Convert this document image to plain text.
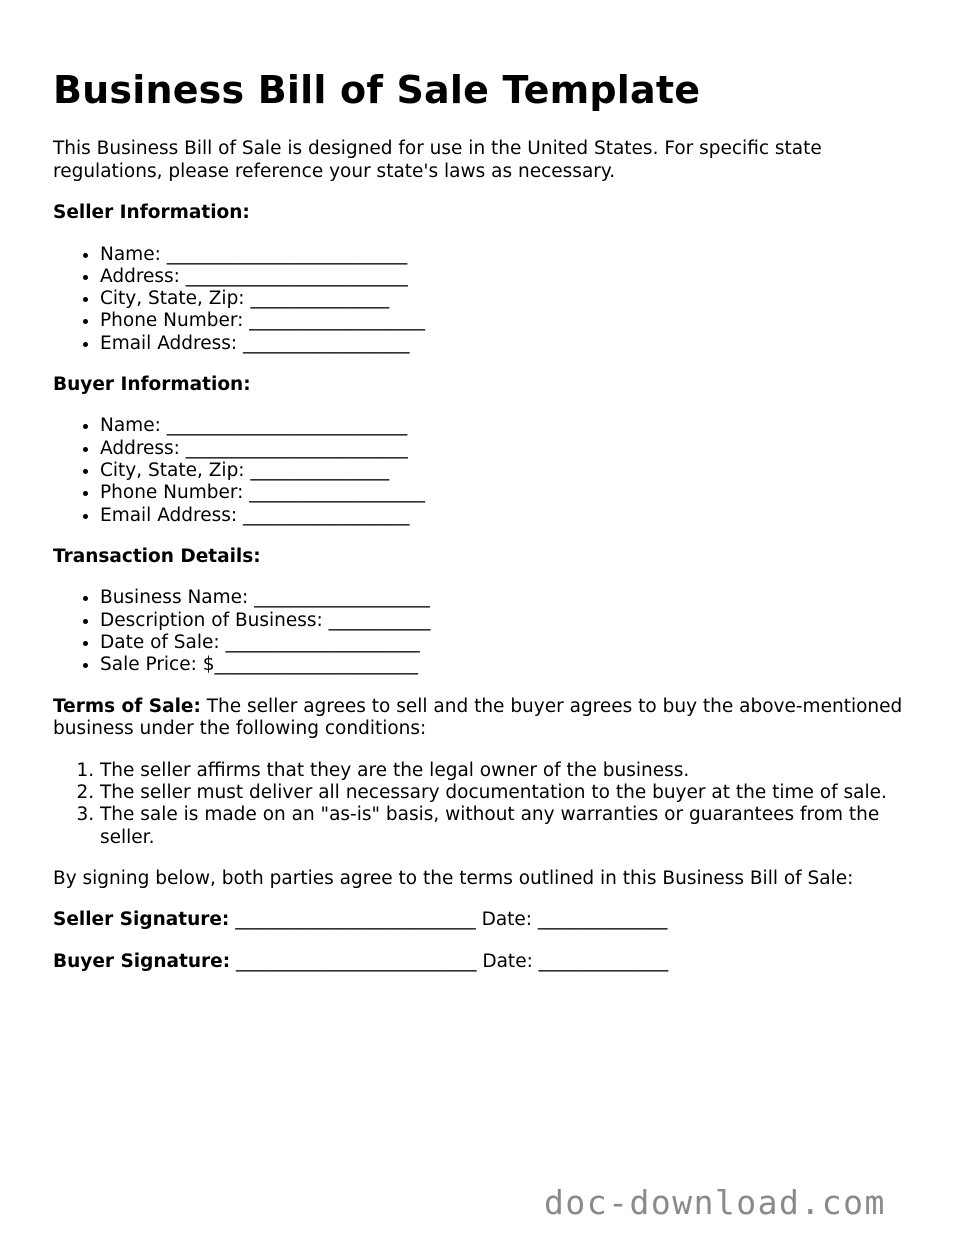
Business Bill of Sale Template

This Business Bill of Sale is designed for use in the United States. For specific state regulations, please reference your state's laws as necessary.

Seller Information:

• Name: __________________________
• Address: ________________________
• City, State, Zip: _______________
• Phone Number: ___________________
• Email Address: __________________

Buyer Information:

• Name: __________________________
• Address: ________________________
• City, State, Zip: _______________
• Phone Number: ___________________
• Email Address: __________________

Transaction Details:

• Business Name: ___________________
• Description of Business: ___________
• Date of Sale: _____________________
• Sale Price: $______________________

Terms of Sale: The seller agrees to sell and the buyer agrees to buy the above-mentioned business under the following conditions:

1. The seller affirms that they are the legal owner of the business.
2. The seller must deliver all necessary documentation to the buyer at the time of sale.
3. The sale is made on an "as-is" basis, without any warranties or guarantees from the seller.

By signing below, both parties agree to the terms outlined in this Business Bill of Sale:

Seller Signature: __________________________ Date: ______________

Buyer Signature: __________________________ Date: ______________

doc-download.com
